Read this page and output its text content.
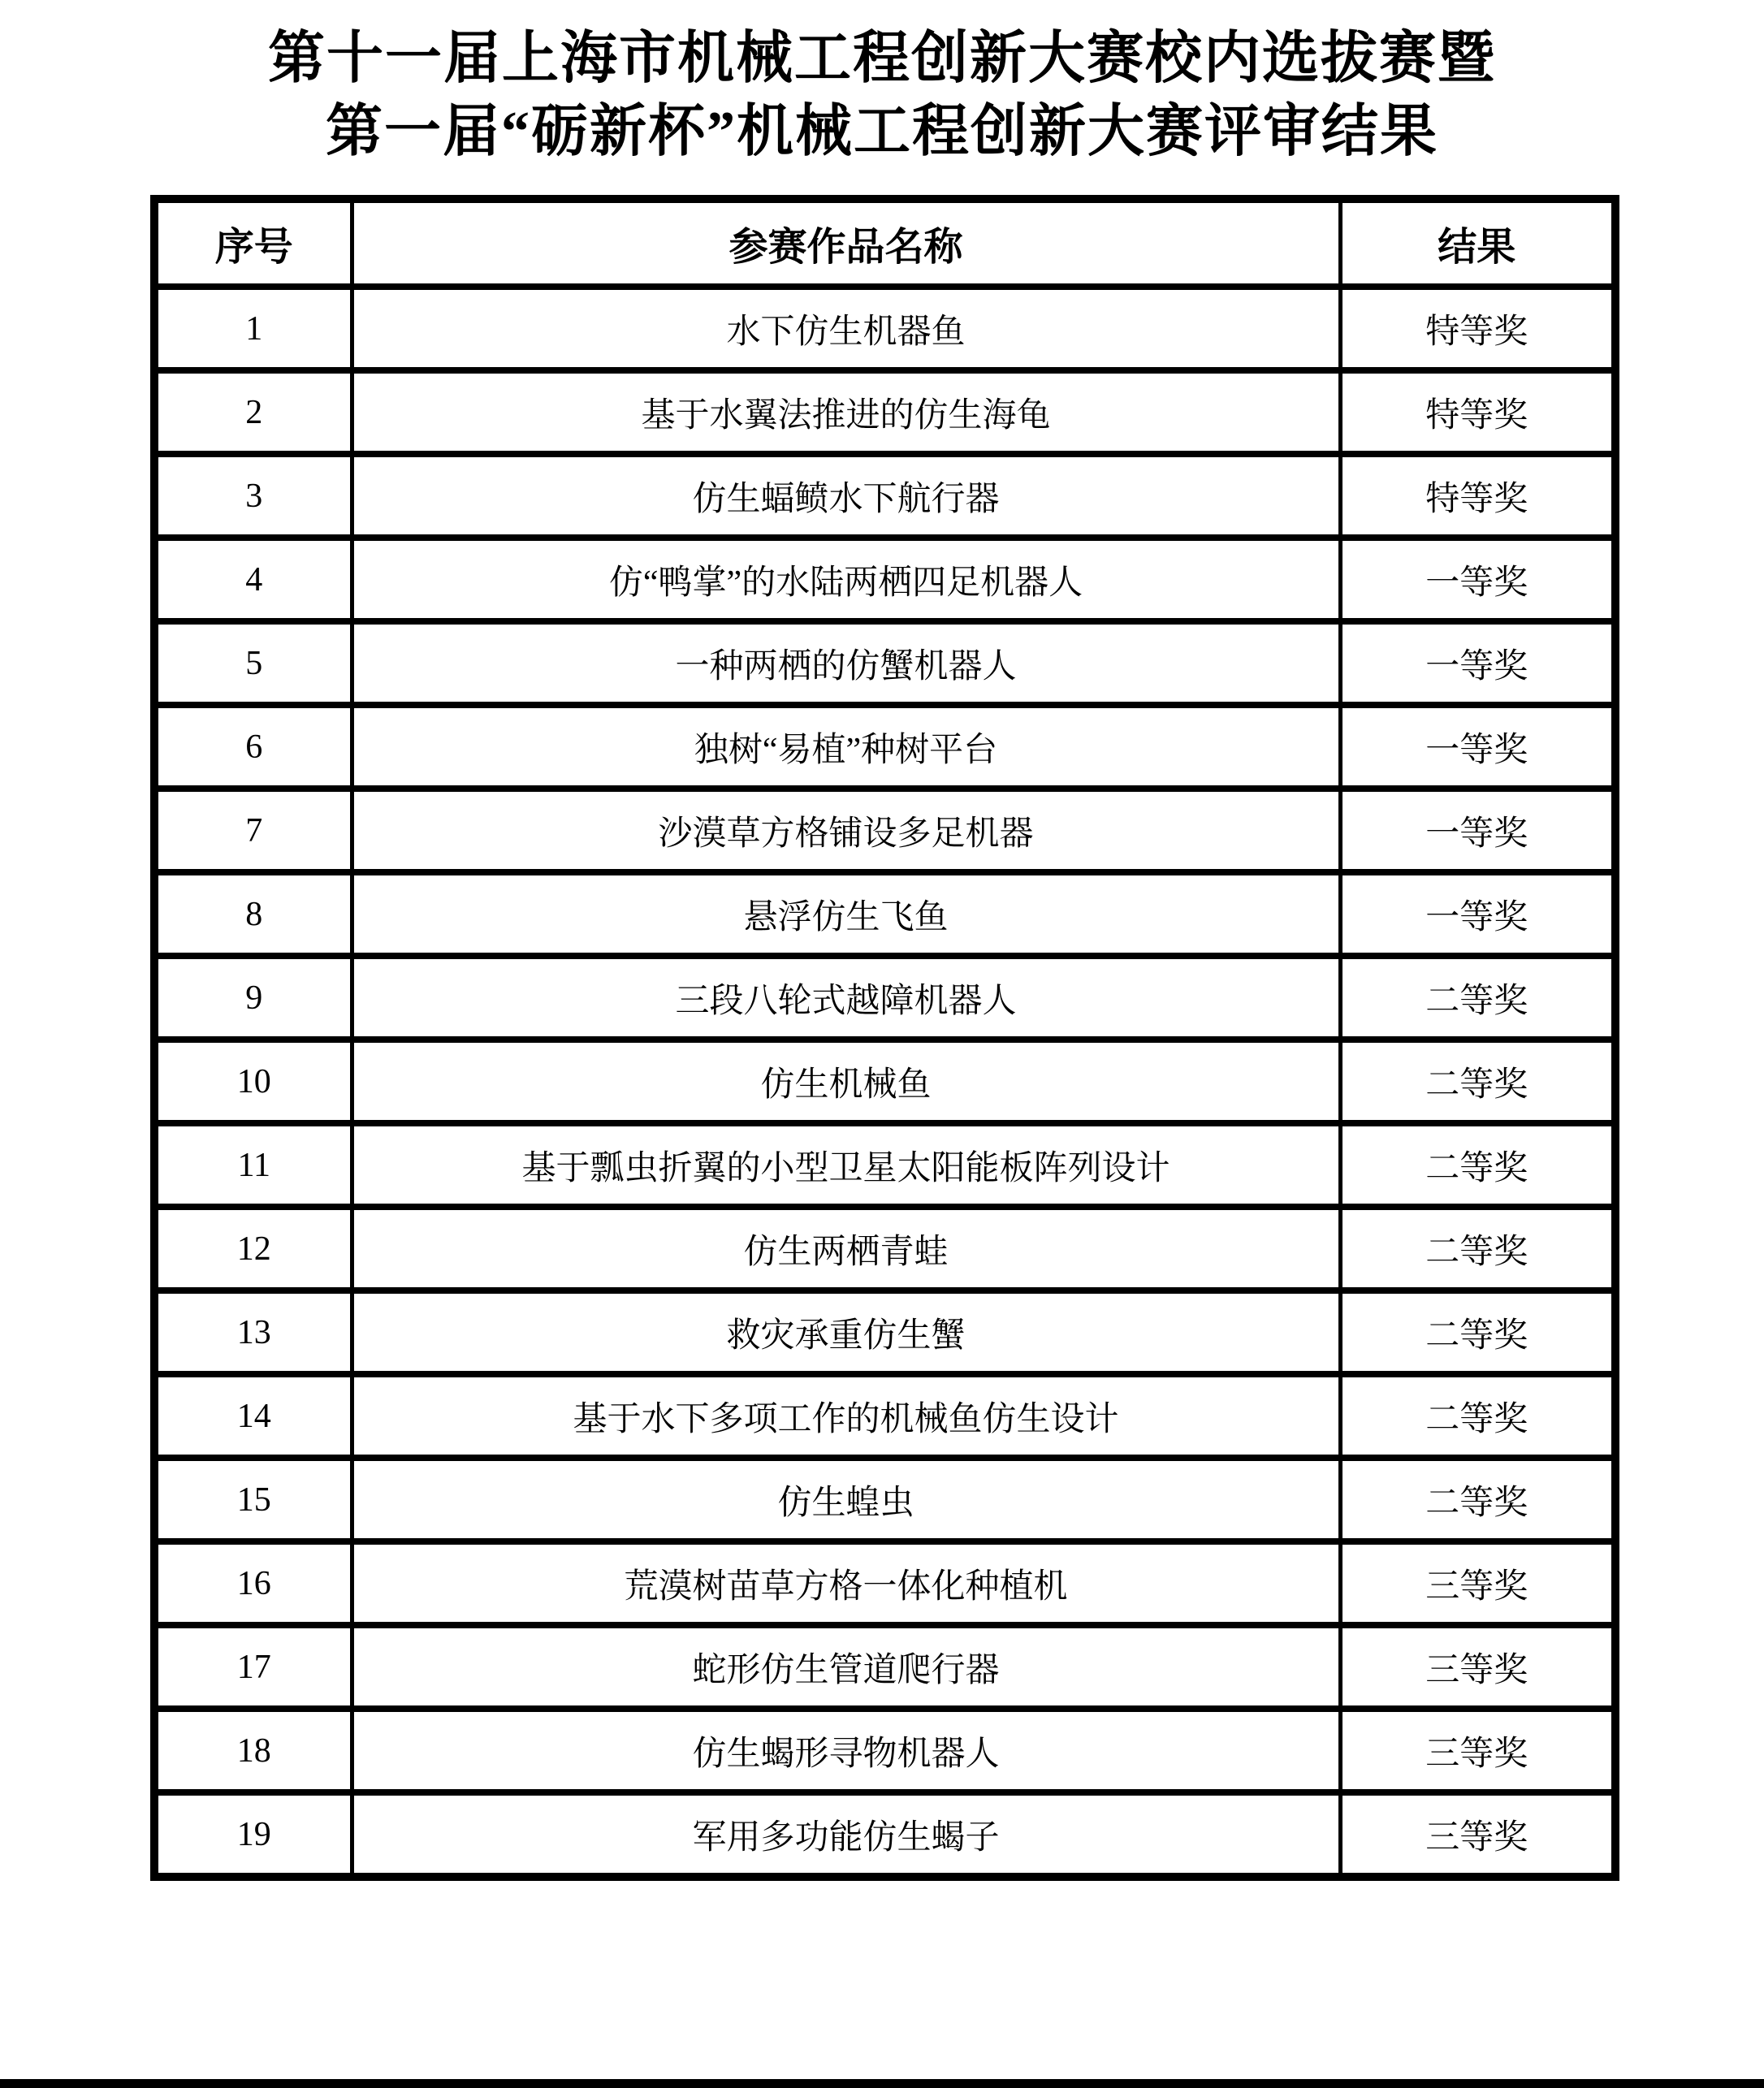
第十一届上海市机械工程创新大赛校内选拔赛暨
第一届“砺新杯”机械工程创新大赛评审结果
序号	参赛作品名称	结果
1	水下仿生机器鱼	特等奖
2	基于水翼法推进的仿生海龟	特等奖
3	仿生蝠鲼水下航行器	特等奖
4	仿“鸭掌”的水陆两栖四足机器人	一等奖
5	一种两栖的仿蟹机器人	一等奖
6	独树“易植”种树平台	一等奖
7	沙漠草方格铺设多足机器	一等奖
8	悬浮仿生飞鱼	一等奖
9	三段八轮式越障机器人	二等奖
10	仿生机械鱼	二等奖
11	基于瓢虫折翼的小型卫星太阳能板阵列设计	二等奖
12	仿生两栖青蛙	二等奖
13	救灾承重仿生蟹	二等奖
14	基于水下多项工作的机械鱼仿生设计	二等奖
15	仿生蝗虫	二等奖
16	荒漠树苗草方格一体化种植机	三等奖
17	蛇形仿生管道爬行器	三等奖
18	仿生蝎形寻物机器人	三等奖
19	军用多功能仿生蝎子	三等奖
